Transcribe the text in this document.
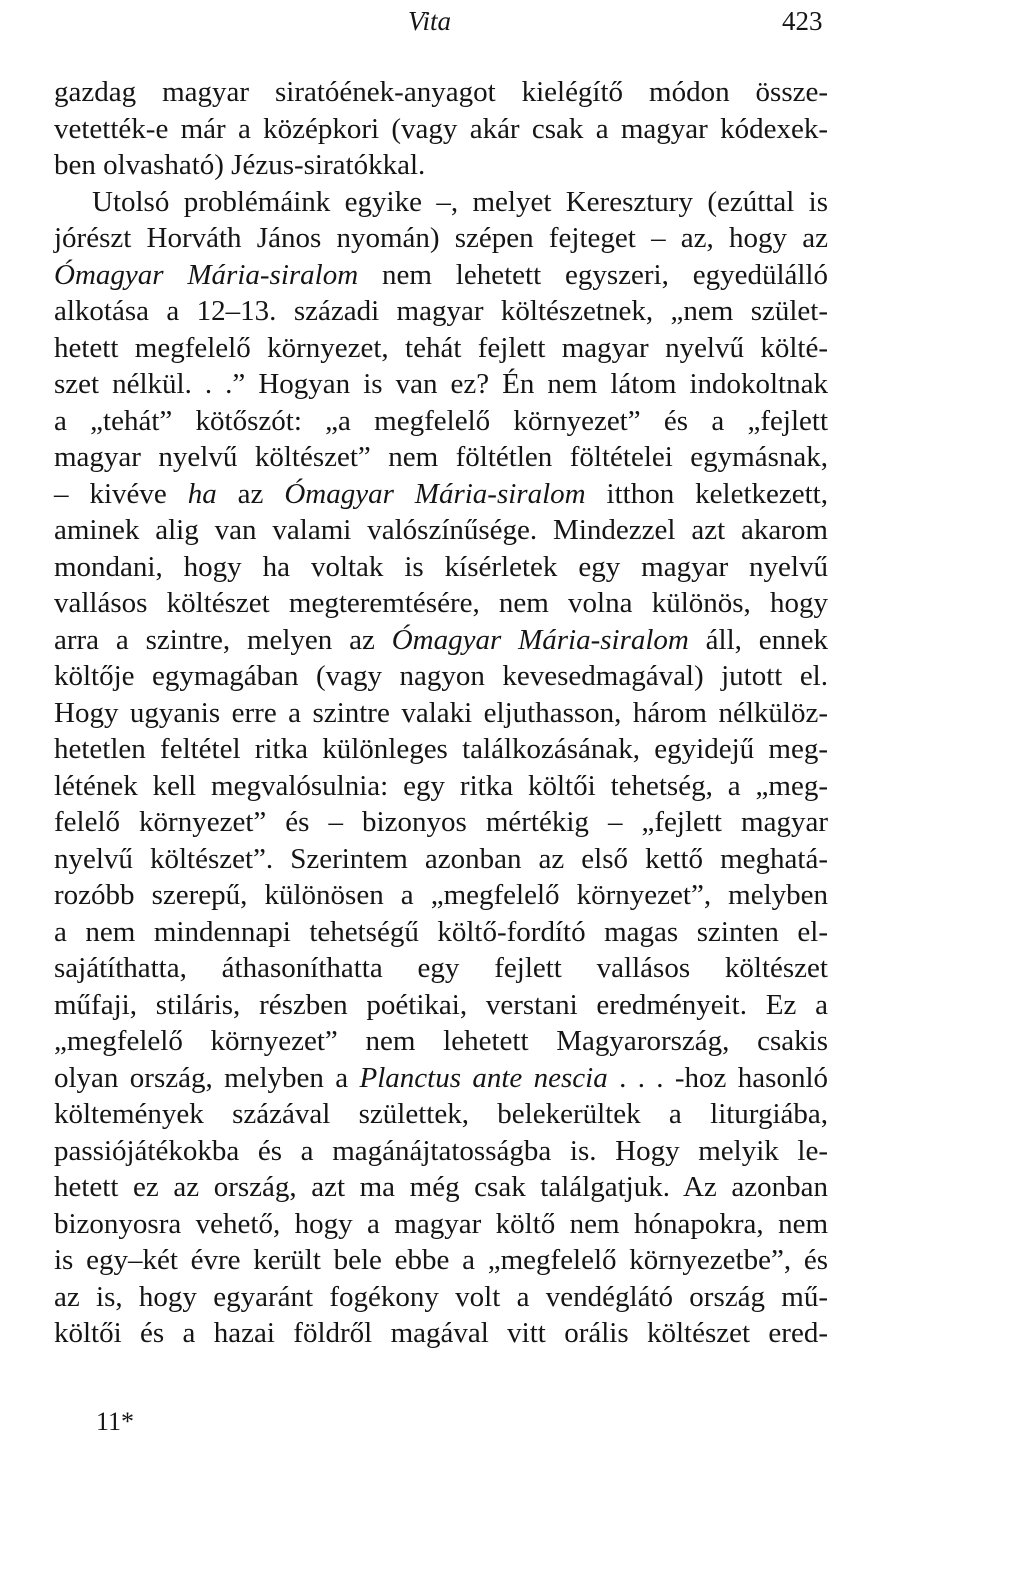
Vita	423
gazdag magyar siratóének-anyagot kielégítő módon össze-
vetették-e már a középkori (vagy akár csak a magyar kódexek-
ben olvasható) Jézus-siratókkal.
Utolsó problémáink egyike –, melyet Keresztury (ezúttal is
jórészt Horváth János nyomán) szépen fejteget – az, hogy az
Ómagyar Mária-siralom nem lehetett egyszeri, egyedülálló
alkotása a 12–13. századi magyar költészetnek, „nem szület-
hetett megfelelő környezet, tehát fejlett magyar nyelvű költé-
szet nélkül. . .” Hogyan is van ez? Én nem látom indokoltnak
a „tehát” kötőszót: „a megfelelő környezet” és a „fejlett
magyar nyelvű költészet” nem föltétlen föltételei egymásnak,
– kivéve ha az Ómagyar Mária-siralom itthon keletkezett,
aminek alig van valami valószínűsége. Mindezzel azt akarom
mondani, hogy ha voltak is kísérletek egy magyar nyelvű
vallásos költészet megteremtésére, nem volna különös, hogy
arra a szintre, melyen az Ómagyar Mária-siralom áll, ennek
költője egymagában (vagy nagyon kevesedmagával) jutott el.
Hogy ugyanis erre a szintre valaki eljuthasson, három nélkülöz-
hetetlen feltétel ritka különleges találkozásának, egyidejű meg-
létének kell megvalósulnia: egy ritka költői tehetség, a „meg-
felelő környezet” és – bizonyos mértékig – „fejlett magyar
nyelvű költészet”. Szerintem azonban az első kettő meghatá-
rozóbb szerepű, különösen a „megfelelő környezet”, melyben
a nem mindennapi tehetségű költő-fordító magas szinten el-
sajátíthatta, áthasoníthatta egy fejlett vallásos költészet
műfaji, stiláris, részben poétikai, verstani eredményeit. Ez a
„megfelelő környezet” nem lehetett Magyarország, csakis
olyan ország, melyben a Planctus ante nescia . . . -hoz hasonló
költemények százával születtek, belekerültek a liturgiába,
passiójátékokba és a magánájtatosságba is. Hogy melyik le-
hetett ez az ország, azt ma még csak találgatjuk. Az azonban
bizonyosra vehető, hogy a magyar költő nem hónapokra, nem
is egy–két évre került bele ebbe a „megfelelő környezetbe”, és
az is, hogy egyaránt fogékony volt a vendéglátó ország mű-
költői és a hazai földről magával vitt orális költészet ered-
11*
